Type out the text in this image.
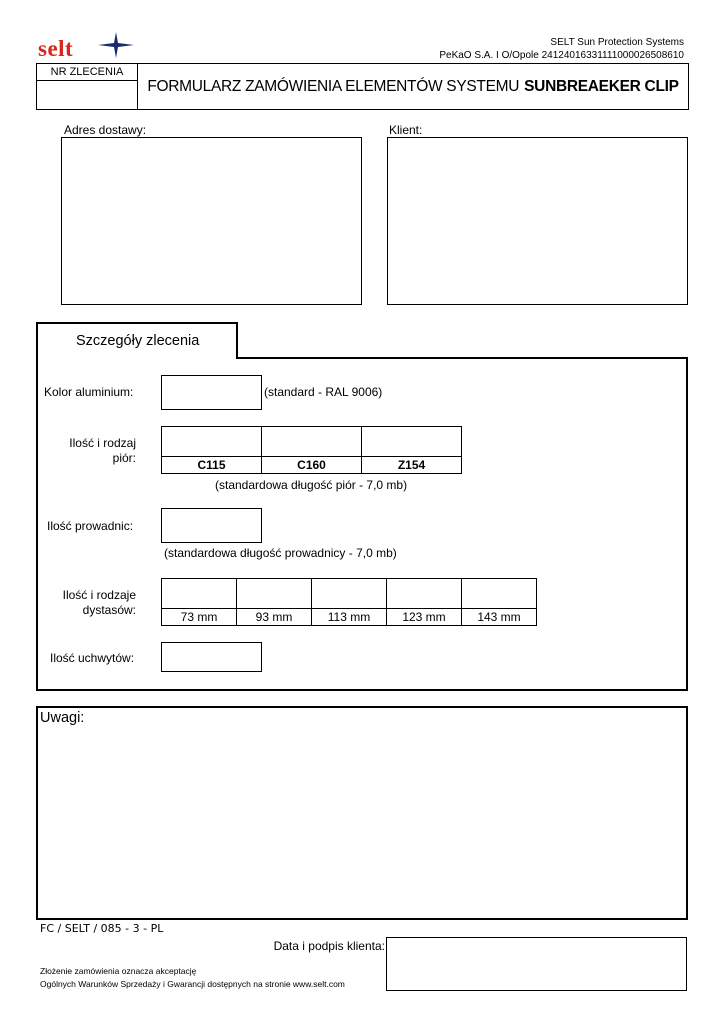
selt	SELT Sun Protection Systems
PeKaO S.A. I O/Opole 24124016331111000026508610
NR ZLECENIA
FORMULARZ ZAMÓWIENIA ELEMENTÓW SYSTEMU SUNBREAEKER CLIP
Adres dostawy:	Klient:
Szczegóły zlecenia
Kolor aluminium:	(standard - RAL 9006)
Ilość i rodzaj
piór:	C115	C160	Z154
(standardowa długość piór - 7,0 mb)
Ilość prowadnic:
(standardowa długość prowadnicy - 7,0 mb)
Ilość i rodzaje
dystasów:	73 mm	93 mm	113 mm	123 mm	143 mm
Ilość uchwytów:
Uwagi:
FC / SELT / 085 - 3 - PL
Data i podpis klienta:
Złożenie zamówienia oznacza akceptację
Ogólnych Warunków Sprzedaży i Gwarancji dostępnych na stronie www.selt.com
